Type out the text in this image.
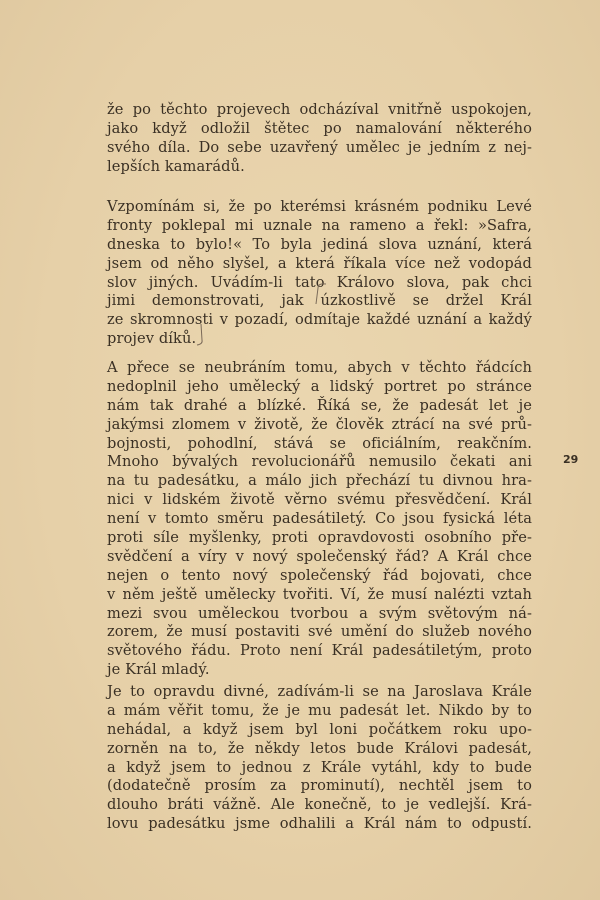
že po těchto projevech odcházíval vnitřně uspokojen,
jako když odložil štětec po namalování některého
svého díla. Do sebe uzavřený umělec je jedním z nej-
lepších kamarádů.
Vzpomínám si, že po kterémsi krásném podniku Levé
fronty poklepal mi uznale na rameno a řekl: »Safra,
dneska to bylo!« To byla jediná slova uznání, která
jsem od něho slyšel, a která říkala více než vodopád
slov jiných. Uvádím-li tato Královo slova, pak chci
jimi demonstrovati, jak úzkostlivě se držel Král
ze skromnosti v pozadí, odmítaje každé uznání a každý
projev díků.
A přece se neubráním tomu, abych v těchto řádcích
nedoplnil jeho umělecký a lidský portret po stránce
nám tak drahé a blízké. Říká se, že padesát let je
jakýmsi zlomem v životě, že člověk ztrácí na své prů-
bojnosti, pohodlní, stává se oficiálním, reakčním.
Mnoho bývalých revolucionářů nemusilo čekati ani
na tu padesátku, a málo jich přechází tu divnou hra-
nici v lidském životě věrno svému přesvědčení. Král
není v tomto směru padesátiletý. Co jsou fysická léta
proti síle myšlenky, proti opravdovosti osobního pře-
svědčení a víry v nový společenský řád? A Král chce
nejen o tento nový společenský řád bojovati, chce
v něm ještě umělecky tvořiti. Ví, že musí nalézti vztah
mezi svou uměleckou tvorbou a svým světovým ná-
zorem, že musí postaviti své umění do služeb nového
světového řádu. Proto není Král padesátiletým, proto
je Král mladý.
Je to opravdu divné, zadívám-li se na Jaroslava Krále
a mám věřit tomu, že je mu padesát let. Nikdo by to
nehádal, a když jsem byl loni počátkem roku upo-
zorněn na to, že někdy letos bude Královi padesát,
a když jsem to jednou z Krále vytáhl, kdy to bude
(dodatečně prosím za prominutí), nechtěl jsem to
dlouho bráti vážně. Ale konečně, to je vedlejší. Krá-
lovu padesátku jsme odhalili a Král nám to odpustí.
29
